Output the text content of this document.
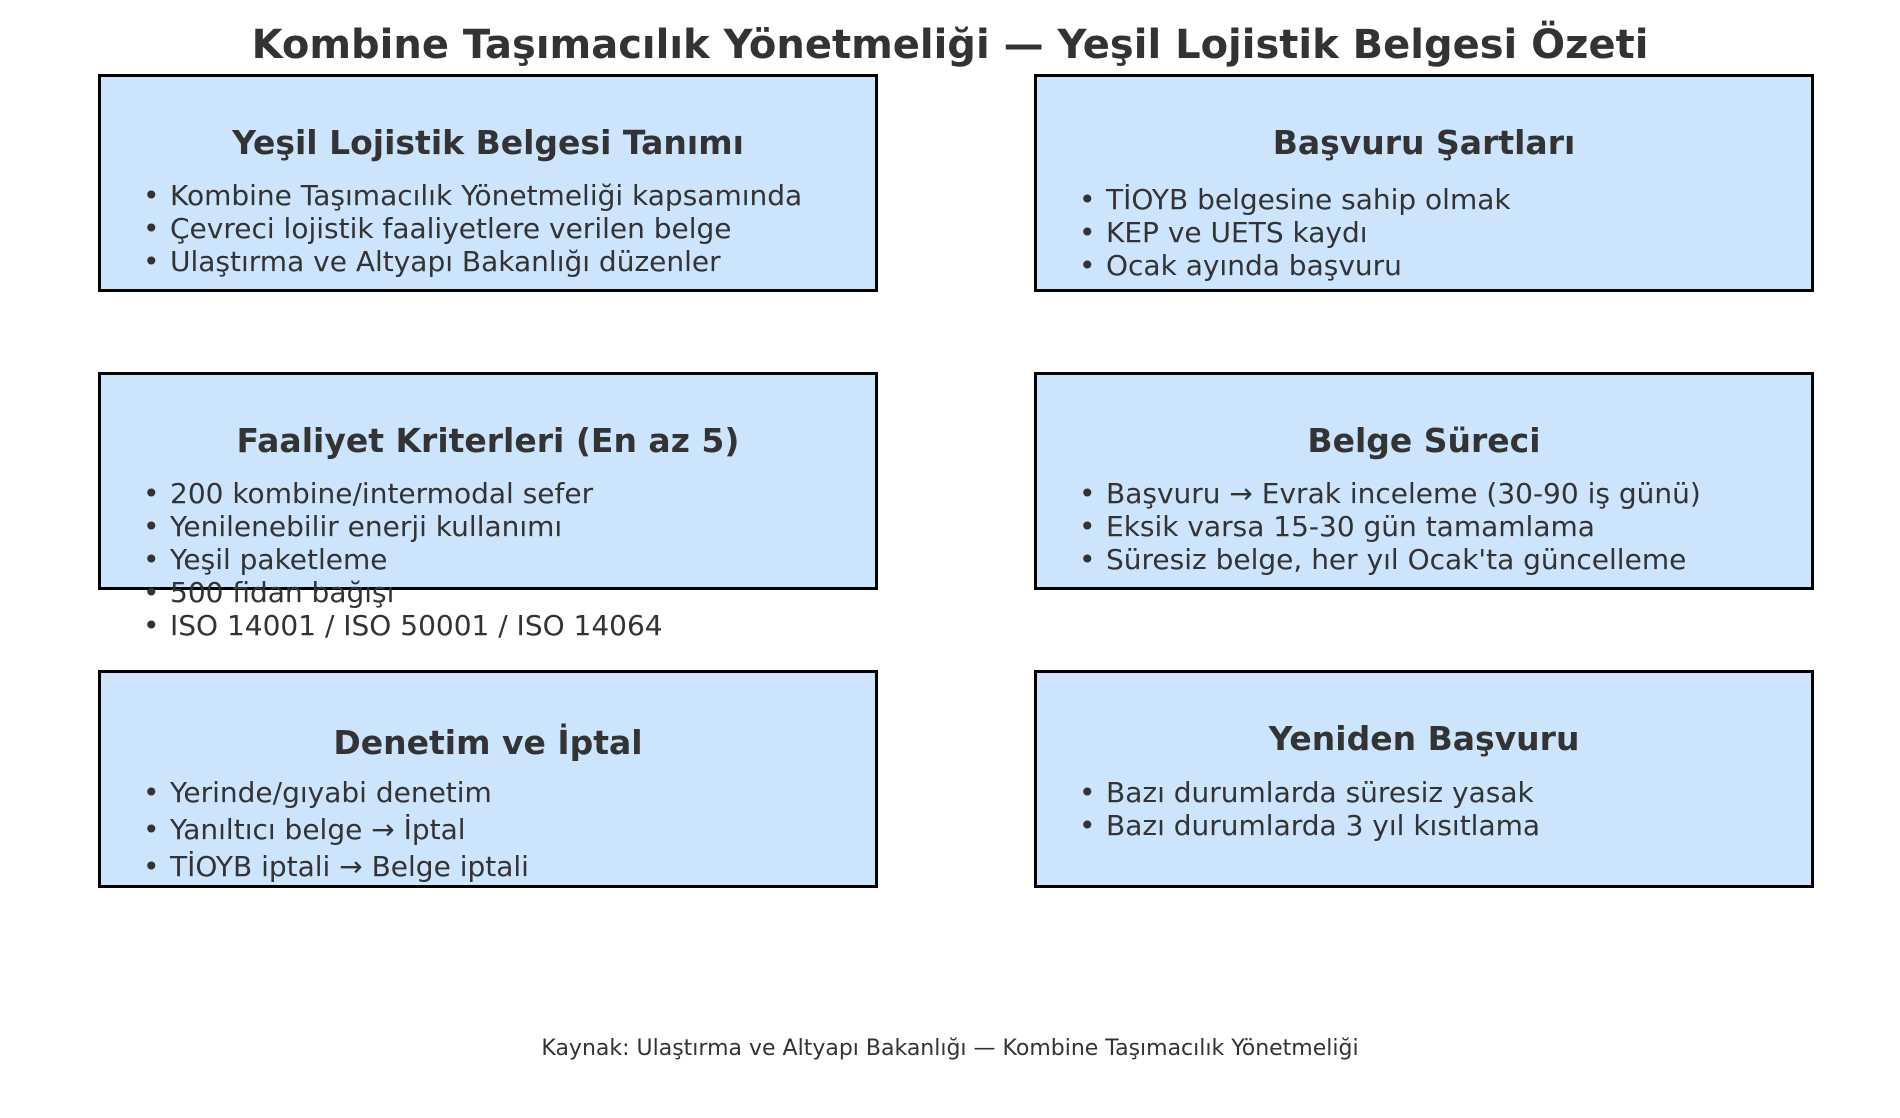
Kombine Taşımacılık Yönetmeliği — Yeşil Lojistik Belgesi Özeti
Yeşil Lojistik Belgesi Tanımı
• Kombine Taşımacılık Yönetmeliği kapsamında
• Çevreci lojistik faaliyetlere verilen belge
• Ulaştırma ve Altyapı Bakanlığı düzenler
Başvuru Şartları
• TİOYB belgesine sahip olmak
• KEP ve UETS kaydı
• Ocak ayında başvuru
Faaliyet Kriterleri (En az 5)
• 200 kombine/intermodal sefer
• Yenilenebilir enerji kullanımı
• Yeşil paketleme
• 500 fidan bağışı
• ISO 14001 / ISO 50001 / ISO 14064
Belge Süreci
• Başvuru → Evrak inceleme (30-90 iş günü)
• Eksik varsa 15-30 gün tamamlama
• Süresiz belge, her yıl Ocak'ta güncelleme
Denetim ve İptal
• Yerinde/gıyabi denetim
• Yanıltıcı belge → İptal
• TİOYB iptali → Belge iptali
Yeniden Başvuru
• Bazı durumlarda süresiz yasak
• Bazı durumlarda 3 yıl kısıtlama
Kaynak: Ulaştırma ve Altyapı Bakanlığı — Kombine Taşımacılık Yönetmeliği
